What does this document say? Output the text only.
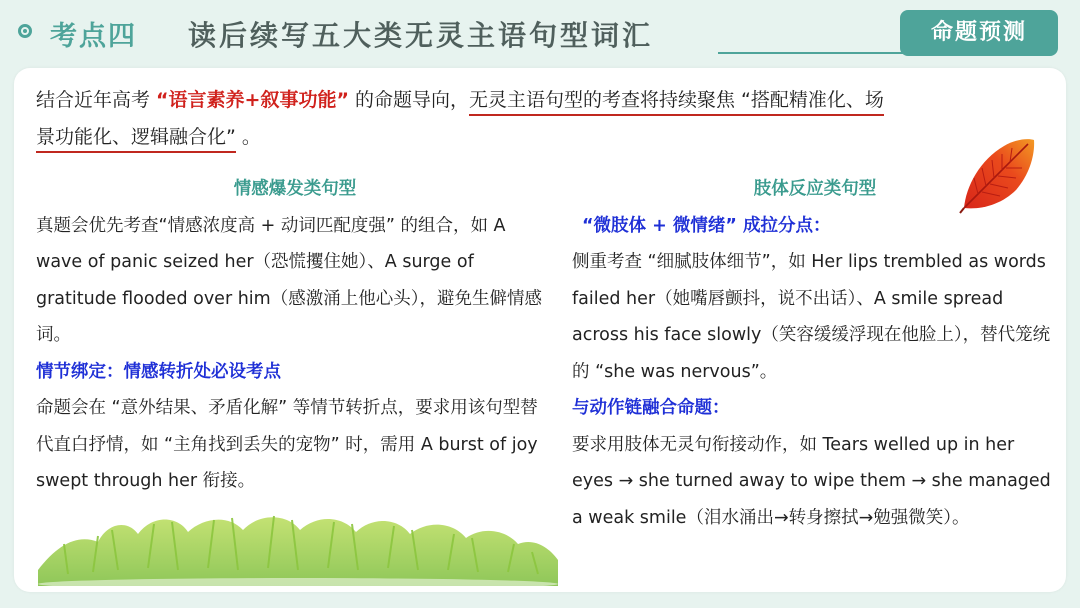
考点四 读后续写五大类无灵主语句型词汇	命题预测
结合近年高考 “语言素养+叙事功能” 的命题导向，无灵主语句型的考查将持续聚焦 “搭配精准化、场
景功能化、逻辑融合化” 。

情感爆发类句型

真题会优先考查“情感浓度高 + 动词匹配度强” 的组合，如 A wave of panic seized her（恐慌攫住她）、A surge of gratitude flooded over him（感激涌上他心头），避免生僻情感词。

情节绑定：情感转折处必设考点

命题会在 “意外结果、矛盾化解” 等情节转折点，要求用该句型替代直白抒情，如 “主角找到丢失的宠物” 时，需用 A burst of joy swept through her 衔接。

肢体反应类句型

“微肢体 + 微情绪” 成拉分点：

侧重考查 “细腻肢体细节”，如 Her lips trembled as words failed her（她嘴唇颤抖，说不出话）、A smile spread across his face slowly（笑容缓缓浮现在他脸上），替代笼统的 “she was nervous”。

与动作链融合命题：

要求用肢体无灵句衔接动作，如 Tears welled up in her eyes → she turned away to wipe them → she managed a weak smile（泪水涌出→转身擦拭→勉强微笑）。
